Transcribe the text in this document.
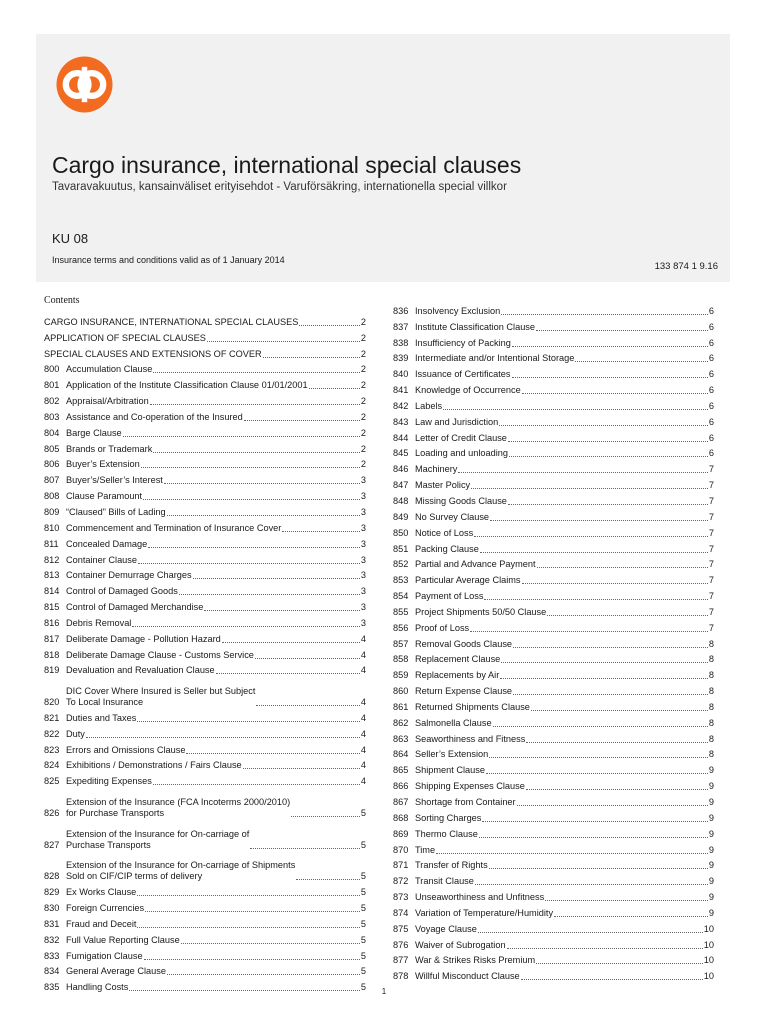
Cargo insurance, international special clauses
Tavaravakuutus, kansainväliset erityisehdot - Varuförsäkring, internationella special villkor
KU 08
Insurance terms and conditions valid as of 1 January 2014
133 874 1 9.16
Contents
CARGO INSURANCE, INTERNATIONAL SPECIAL CLAUSES	2
APPLICATION OF SPECIAL CLAUSES	2
SPECIAL CLAUSES AND EXTENSIONS OF COVER	2
800 Accumulation Clause	2
801 Application of the Institute Classification Clause 01/01/2001	2
802 Appraisal/Arbitration	2
803 Assistance and Co-operation of the Insured	2
804 Barge Clause	2
805 Brands or Trademark	2
806 Buyer’s Extension	2
807 Buyer’s/Seller’s Interest	3
808 Clause Paramount	3
809 “Claused” Bills of Lading	3
810 Commencement and Termination of Insurance Cover	3
811 Concealed Damage	3
812 Container Clause	3
813 Container Demurrage Charges	3
814 Control of Damaged Goods	3
815 Control of Damaged Merchandise	3
816 Debris Removal	3
817 Deliberate Damage - Pollution Hazard	4
818 Deliberate Damage Clause - Customs Service	4
819 Devaluation and Revaluation Clause	4
820
DIC Cover Where Insured is Seller but Subject
To Local Insurance	4
821 Duties and Taxes	4
822 Duty	4
823 Errors and Omissions Clause	4
824 Exhibitions / Demonstrations / Fairs Clause	4
825 Expediting Expenses	4
826
Extension of the Insurance (FCA Incoterms 2000/2010)
for Purchase Transports	5
827
Extension of the Insurance for On-carriage of
Purchase Transports	5
828
Extension of the Insurance for On-carriage of Shipments
Sold on CIF/CIP terms of delivery	5
829 Ex Works Clause	5
830 Foreign Currencies	5
831 Fraud and Deceit	5
832 Full Value Reporting Clause	5
833 Fumigation Clause	5
834 General Average Clause	5
835 Handling Costs	5
836 Insolvency Exclusion	6
837 Institute Classification Clause	6
838 Insufficiency of Packing	6
839 Intermediate and/or Intentional Storage	6
840 Issuance of Certificates	6
841 Knowledge of Occurrence	6
842 Labels	6
843 Law and Jurisdiction	6
844 Letter of Credit Clause	6
845 Loading and unloading	6
846 Machinery	7
847 Master Policy	7
848 Missing Goods Clause	7
849 No Survey Clause	7
850 Notice of Loss	7
851 Packing Clause	7
852 Partial and Advance Payment	7
853 Particular Average Claims	7
854 Payment of Loss	7
855 Project Shipments 50/50 Clause	7
856 Proof of Loss	7
857 Removal Goods Clause	8
858 Replacement Clause	8
859 Replacements by Air	8
860 Return Expense Clause	8
861 Returned Shipments Clause	8
862 Salmonella Clause	8
863 Seaworthiness and Fitness	8
864 Seller’s Extension	8
865 Shipment Clause	9
866 Shipping Expenses Clause	9
867 Shortage from Container	9
868 Sorting Charges	9
869 Thermo Clause	9
870 Time	9
871 Transfer of Rights	9
872 Transit Clause	9
873 Unseaworthiness and Unfitness	9
874 Variation of Temperature/Humidity	9
875 Voyage Clause	10
876 Waiver of Subrogation	10
877 War & Strikes Risks Premium	10
878 Willful Misconduct Clause	10
1
